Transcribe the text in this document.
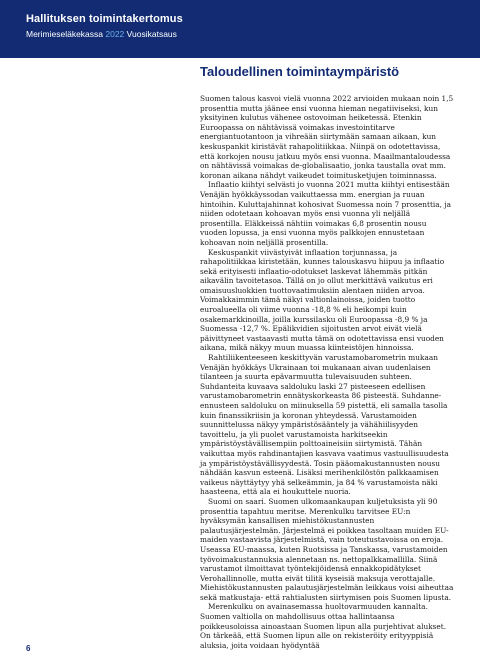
Hallituksen toimintakertomus
Merimieseläkekassa 2022 Vuosikatsaus
Taloudellinen toimintaympäristö

Suomen talous kasvoi vielä vuonna 2022 arvioiden mukaan noin 1,5 prosenttia mutta jäänee ensi vuonna hieman negatiiviseksi, kun yksityinen kulutus vähenee ostovoiman heiketessä. Etenkin Euroopassa on nähtävissä voimakas investointitarve energiantuotantoon ja vihreään siirtymään samaan aikaan, kun keskuspankit kiristävät rahapolitiikkaa. Niinpä on odotettavissa, että korkojen nousu jatkuu myös ensi vuonna. Maailmantaloudessa on nähtävissä voimakas de-globalisaatio, jonka taustalla ovat mm. koronan aikana nähdyt vaikeudet toimitusketjujen toiminnassa.

Inflaatio kiihtyi selvästi jo vuonna 2021 mutta kiihtyi entisestään Venäjän hyökkäyssodan vaikuttaessa mm. energian ja ruuan hintoihin. Kuluttajahinnat kohosivat Suomessa noin 7 prosenttia, ja niiden odotetaan kohoavan myös ensi vuonna yli neljällä prosentilla. Eläkkeissä nähtiin voimakas 6,8 prosentin nousu vuoden lopussa, ja ensi vuonna myös palkkojen ennustetaan kohoavan noin neljällä prosentilla.

Keskuspankit viivästyivät inflaation torjunnassa, ja rahapolitiikkaa kiristetään, kunnes talouskasvu hiipuu ja inflaatio sekä erityisesti inflaatio-odotukset laskevat lähemmäs pitkän aikavälin tavoitetasoa. Tällä on jo ollut merkittävä vaikutus eri omaisuusluokkien tuottovaatimuksiin alentaen niiden arvoa. Voimakkaimmin tämä näkyi valtionlainoissa, joiden tuotto euroalueella oli viime vuonna -18,8 % eli heikompi kuin osakemarkkinoilla, joilla kurssilasku oli Euroopassa -8,9 % ja Suomessa -12,7 %. Epälikvidien sijoitusten arvot eivät vielä päivittyneet vastaavasti mutta tämä on odotettavissa ensi vuoden aikana, mikä näkyy muun muassa kiinteistöjen hinnoissa.

Rahtiliikenteeseen keskittyvän varustamobarometrin mukaan Venäjän hyökkäys Ukrainaan toi mukanaan aivan uudenlaisen tilanteen ja suurta epävarmuutta tulevaisuuden suhteen. Suhdanteita kuvaava saldoluku laski 27 pisteeseen edellisen varustamobarometrin ennätyskorkeasta 86 pisteestä. Suhdanne-ennusteen saldoluku on miinuksella 59 pistettä, eli samalla tasolla kuin finanssikriisin ja koronan yhteydessä. Varustamoiden suunnittelussa näkyy ympäristösääntely ja vähähiilisyyden tavoittelu, ja yli puolet varustamoista harkitseekin ympäristöystävällisempiin polttoaineisiin siirtymistä. Tähän vaikuttaa myös rahdinantajien kasvava vaatimus vastuullisuudesta ja ympäristöystävällisyydestä. Tosin pääomakustannusten nousu nähdään kasvun esteenä. Lisäksi merihenkilöstön palkkaamisen vaikeus näyttäytyy yhä selkeämmin, ja 84 % varustamoista näki haasteena, että ala ei houkuttele nuoria.

Suomi on saari. Suomen ulkomaankaupan kuljetuksista yli 90 prosenttia tapahtuu meritse. Merenkulku tarvitsee EU:n hyväksymän kansallisen miehistökustannusten palautusjärjestelmän. Järjestelmä ei poikkea tasoltaan muiden EU- maiden vastaavista järjestelmistä, vain toteutustavoissa on eroja. Useassa EU-maassa, kuten Ruotsissa ja Tanskassa, varustamoiden työvoimakustannuksia alennetaan ns. nettopalkkamallilla. Siinä varustamot ilmoittavat työntekijöidensä ennakkopidätykset Verohallinnolle, mutta eivät tilitä kyseisiä maksuja verottajalle. Miehistökustannusten palautusjärjestelmän leikkaus voisi aiheuttaa sekä matkustaja- että rahtialusten siirtymisen pois Suomen lipusta.

Merenkulku on avainasemassa huoltovarmuuden kannalta. Suomen valtiolla on mahdollisuus ottaa hallintaansa poikkeusoloissa ainoastaan Suomen lipun alla purjehtivat alukset. On tärkeää, että Suomen lipun alle on rekisteröity erityyppisiä aluksia, joita voidaan hyödyntää

6
